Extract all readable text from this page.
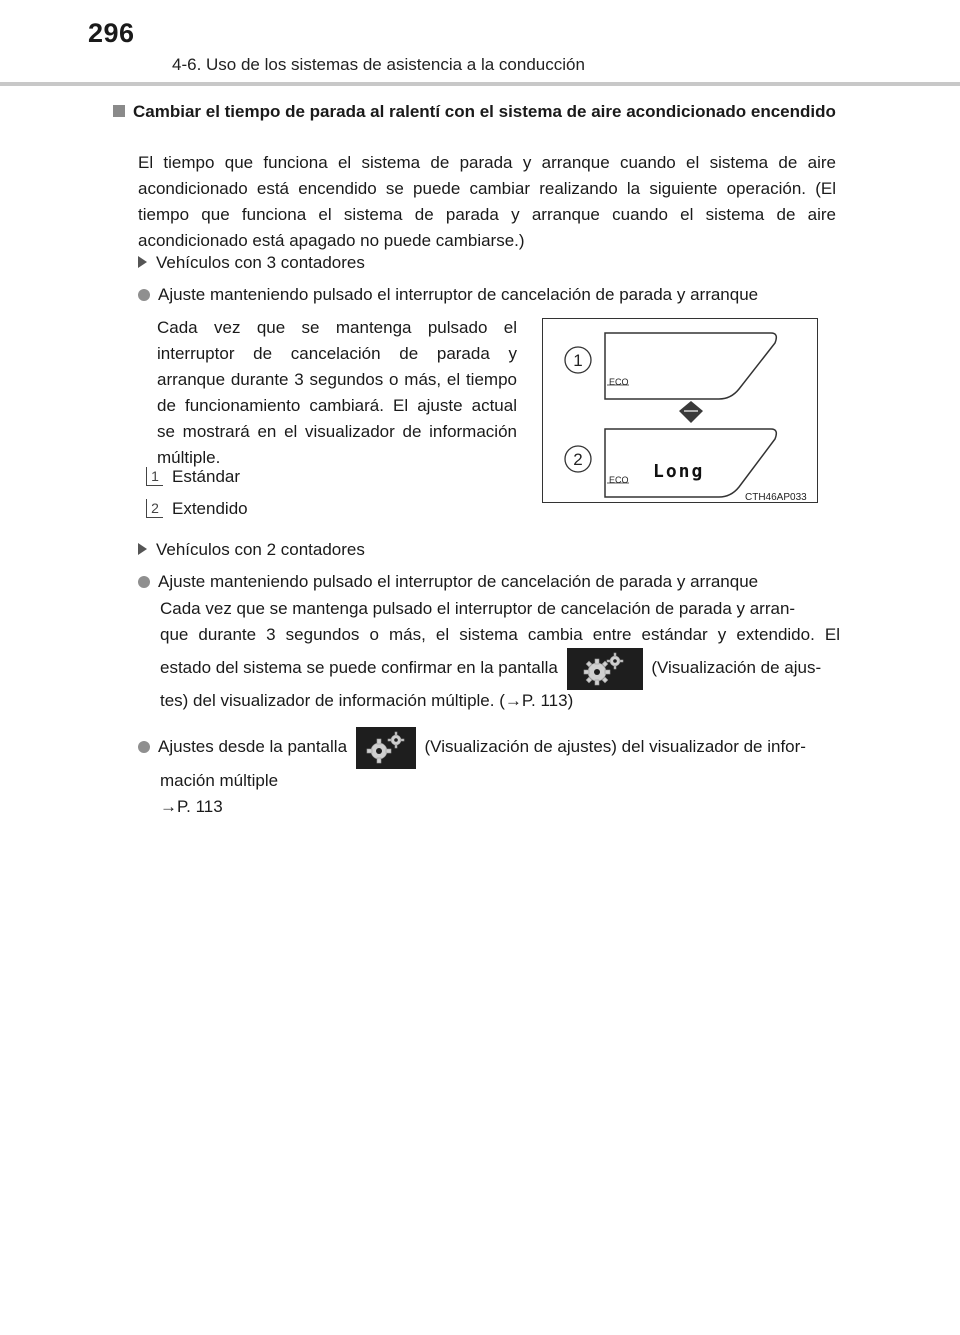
296
4-6. Uso de los sistemas de asistencia a la conducción
Cambiar el tiempo de parada al ralentí con el sistema de aire acondicionado encendido
El tiempo que funciona el sistema de parada y arranque cuando el sistema de aire acondicionado está encendido se puede cambiar realizando la siguiente operación. (El tiempo que funciona el sistema de parada y arranque cuando el sistema de aire acondicionado está apagado no puede cambiarse.)
Vehículos con 3 contadores
Ajuste manteniendo pulsado el interruptor de cancelación de parada y arranque
Cada vez que se mantenga pulsado el interruptor de cancelación de parada y arranque durante 3 segundos o más, el tiempo de funcionamiento cambiará. El ajuste actual se mostrará en el visualizador de información múltiple.
1 Estándar
2 Extendido
1
ECO
2
ECO Long
CTH46AP033
Vehículos con 2 contadores
Ajuste manteniendo pulsado el interruptor de cancelación de parada y arranque
Cada vez que se mantenga pulsado el interruptor de cancelación de parada y arran-
que durante 3 segundos o más, el sistema cambia entre estándar y extendido. El
estado del sistema se puede confirmar en la pantalla	(Visualización de ajus-
tes) del visualizador de información múltiple. (→P. 113)
Ajustes desde la pantalla	(Visualización de ajustes) del visualizador de infor-
mación múltiple
→P. 113
